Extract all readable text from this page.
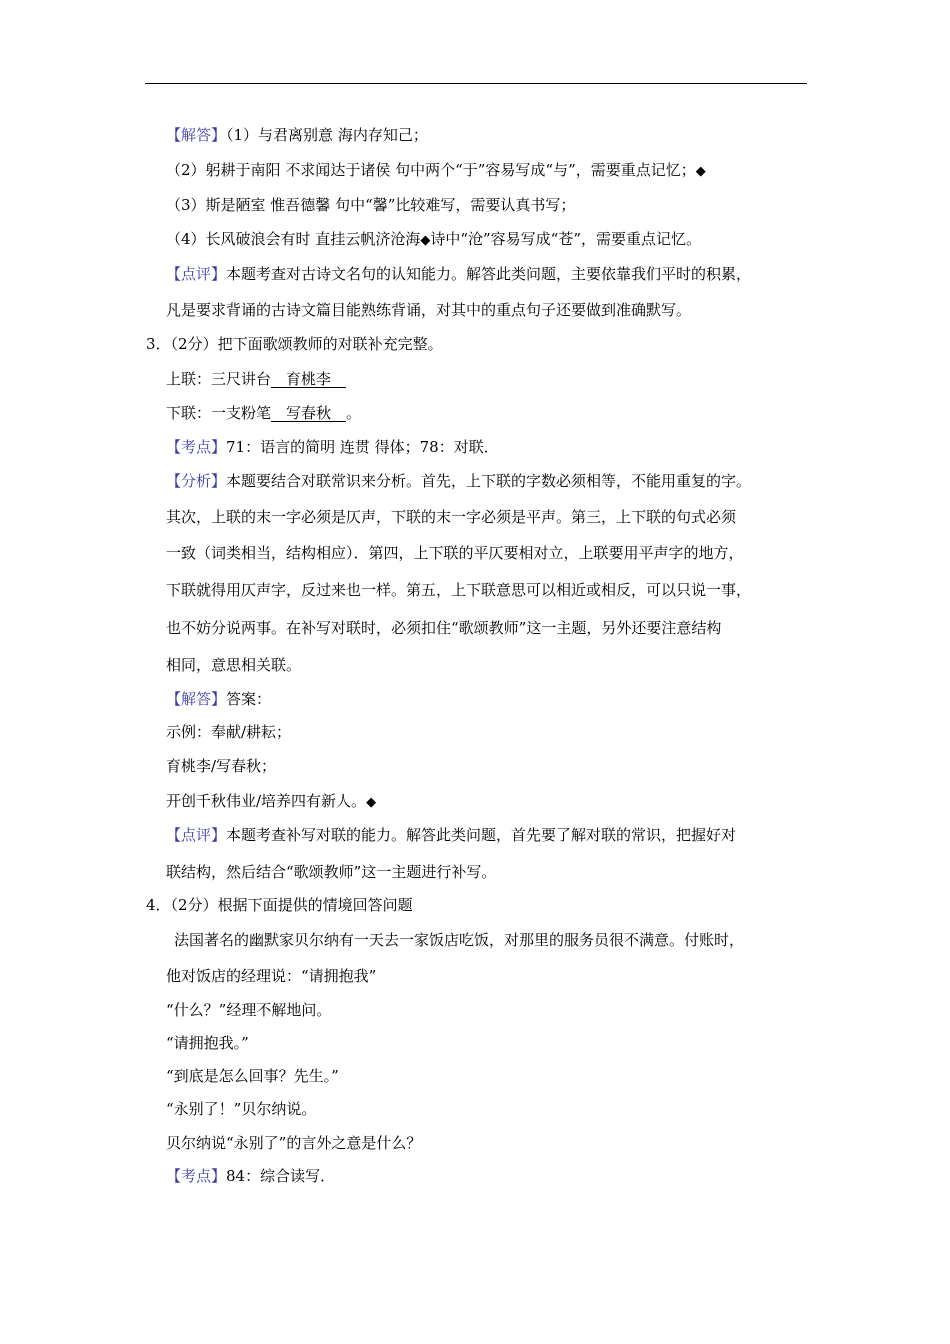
【解答】（1）与君离别意 海内存知己；
（2）躬耕于南阳 不求闻达于诸侯 句中两个“于”容易写成“与”，需要重点记忆；◆
（3）斯是陋室 惟吾德馨 句中“馨”比较难写，需要认真书写；
（4）长风破浪会有时 直挂云帆济沧海◆诗中“沧”容易写成“苍”，需要重点记忆。
【点评】本题考查对古诗文名句的认知能力。解答此类问题，主要依靠我们平时的积累，
凡是要求背诵的古诗文篇目能熟练背诵，对其中的重点句子还要做到准确默写。
3．（2分）把下面歌颂教师的对联补充完整。
上联：三尺讲台　育桃李　
下联：一支粉笔　写春秋　。
【考点】71：语言的简明 连贯 得体；78：对联．
【分析】本题要结合对联常识来分析。首先，上下联的字数必须相等，不能用重复的字。
其次，上联的末一字必须是仄声，下联的末一字必须是平声。第三，上下联的句式必须
一致（词类相当，结构相应）．第四，上下联的平仄要相对立，上联要用平声字的地方，
下联就得用仄声字，反过来也一样。第五，上下联意思可以相近或相反，可以只说一事，
也不妨分说两事。在补写对联时，必须扣住“歌颂教师”这一主题，另外还要注意结构
相同，意思相关联。
【解答】答案：
示例：奉献/耕耘；
育桃李/写春秋；
开创千秋伟业/培养四有新人。◆
【点评】本题考查补写对联的能力。解答此类问题，首先要了解对联的常识，把握好对
联结构，然后结合“歌颂教师”这一主题进行补写。
4．（2分）根据下面提供的情境回答问题
法国著名的幽默家贝尔纳有一天去一家饭店吃饭，对那里的服务员很不满意。付账时，
他对饭店的经理说：“请拥抱我”
“什么？”经理不解地问。
“请拥抱我。”
“到底是怎么回事？先生。”
“永别了！”贝尔纳说。
贝尔纳说“永别了”的言外之意是什么？
【考点】84：综合读写．
